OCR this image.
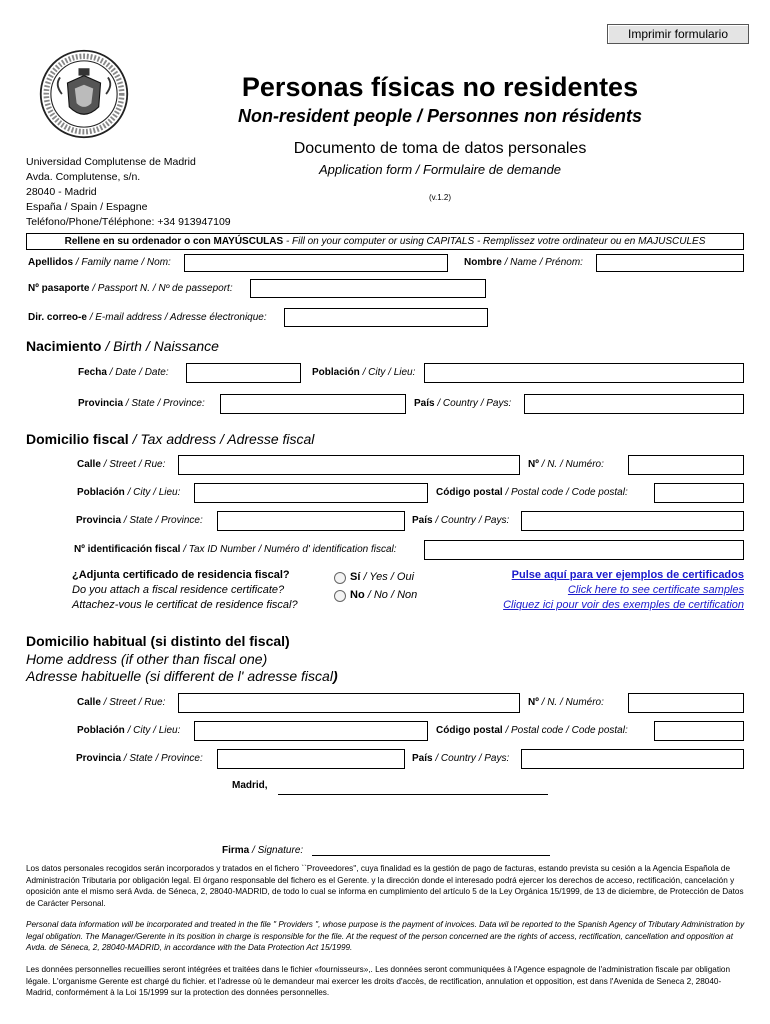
Imprimir formulario
Personas físicas no residentes
Non-resident people / Personnes non résidents
Documento de toma de datos personales
Application form / Formulaire de demande
(v.1.2)
Universidad Complutense de Madrid
Avda. Complutense, s/n.
28040 - Madrid
España / Spain / Espagne
Teléfono/Phone/Téléphone: +34 913947109
Rellene en su ordenador o con MAYÚSCULAS - Fill on your computer or using CAPITALS - Remplissez votre ordinateur ou en MAJUSCULES
Apellidos / Family name / Nom:	Nombre / Name / Prénom:
Nº pasaporte / Passport N. / Nº de passeport:
Dir. correo-e / E-mail address / Adresse électronique:
Nacimiento / Birth / Naissance
Fecha / Date / Date:	Población / City / Lieu:
Provincia / State / Province:	País / Country / Pays:
Domicilio fiscal / Tax address / Adresse fiscal
Calle / Street / Rue:	Nº / N. / Numéro:
Población / City / Lieu:	Código postal / Postal code / Code postal:
Provincia / State / Province:	País / Country / Pays:
Nº identificación fiscal / Tax ID Number / Numéro d' identification fiscal:
¿Adjunta certificado de residencia fiscal?
Do you attach a fiscal residence certificate?
Attachez-vous le certificat de residence fiscal?
Sí / Yes / Oui
No / No / Non
Pulse aquí para ver ejemplos de certificados
Click here to see certificate samples
Cliquez ici pour voir des exemples de certification
Domicilio habitual (si distinto del fiscal)
Home address (if other than fiscal one)
Adresse habituelle (si different de l' adresse fiscal)
Calle / Street / Rue:	Nº / N. / Numéro:
Población / City / Lieu:	Código postal / Postal code / Code postal:
Provincia / State / Province:	País / Country / Pays:
Madrid,
Firma / Signature:
Los datos personales recogidos serán incorporados y tratados en el fichero ``Proveedores'', cuya finalidad es la gestión de pago de facturas, estando prevista su cesión a la Agencia Española de Administración Tributaria por obligación legal. El órgano responsable del fichero es el Gerente. y la dirección donde el interesado podrá ejercer los derechos de acceso, rectificación, cancelación y oposición ante el mismo será Avda. de Séneca, 2, 28040-MADRID, de todo lo cual se informa en cumplimiento del artículo 5 de la Ley Orgánica 15/1999, de 13 de diciembre, de Protección de Datos de Carácter Personal.
Personal data information will be incorporated and treated in the file " Providers ", whose purpose is the payment of invoices. Data wil be reported to the Spanish Agency of Tributary Administration by legal obligation. The Manager/Gerente in its position in charge is responsible for the file. At the request of the person concerned are the rights of access, rectification, cancellation and opposition at Avda. de Séneca, 2, 28040-MADRID, in accordance with the Data Protection Act 15/1999.
Les données personnelles recueillies seront intégrées et traitées dans le fichier «fournisseurs»,. Les données seront communiquées à l'Agence espagnole de l'administration fiscale par obligation légale. L'organisme Gerente est chargé du fichier. et l'adresse où le demandeur mai exercer les droits d'accès, de rectification, annulation et opposition, est dans l'Avenida de Seneca 2, 28040-Madrid, conformément à la Loi 15/1999 sur la protection des données personnelles.
